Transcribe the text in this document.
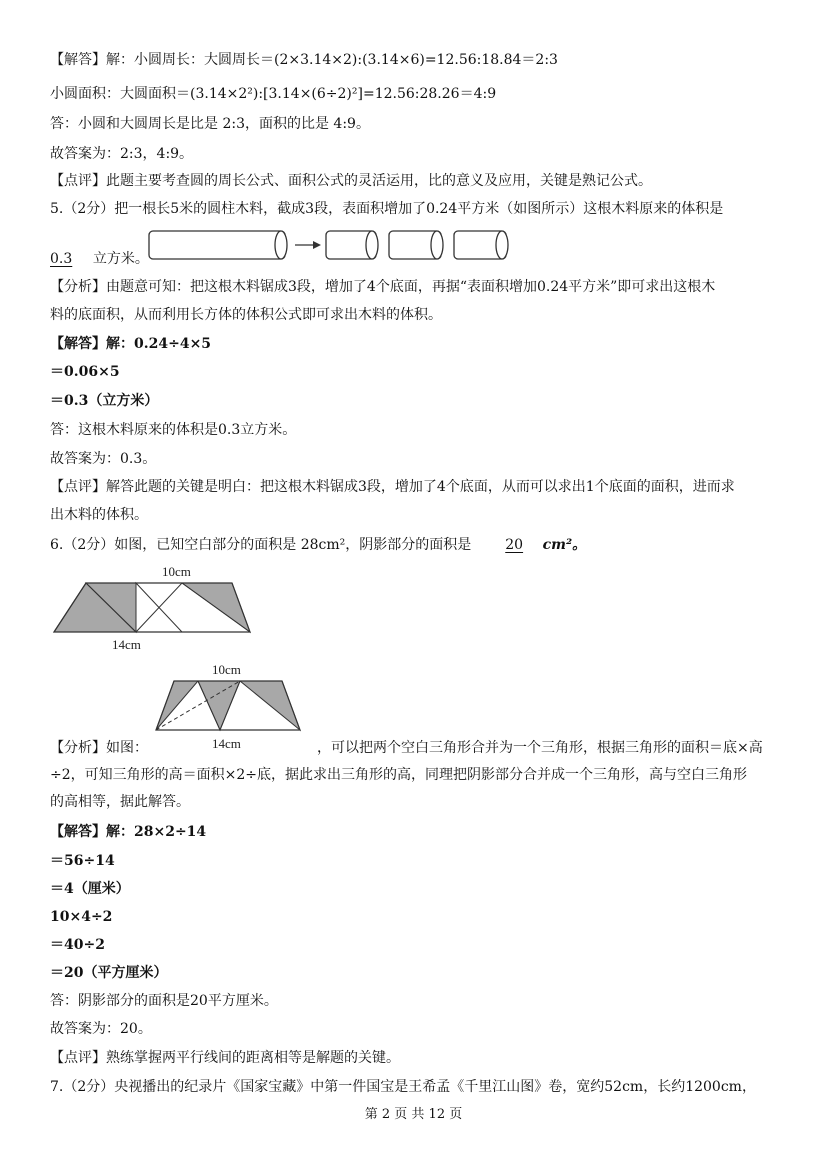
【解答】解：小圆周长：大圆周长＝(2×3.14×2):(3.14×6)=12.56:18.84＝2:3
小圆面积：大圆面积＝(3.14×2²):[3.14×(6÷2)²]=12.56:28.26＝4:9
答：小圆和大圆周长是比是 2:3，面积的比是 4:9。
故答案为：2:3，4:9。
【点评】此题主要考查圆的周长公式、面积公式的灵活运用，比的意义及应用，关键是熟记公式。
5.（2分）把一根长5米的圆柱木料，截成3段，表面积增加了0.24平方米（如图所示）这根木料原来的体积是
0.3 立方米。
【分析】由题意可知：把这根木料锯成3段，增加了4个底面，再据“表面积增加0.24平方米”即可求出这根木
料的底面积，从而利用长方体的体积公式即可求出木料的体积。
【解答】解：0.24÷4×5
＝0.06×5
＝0.3（立方米）
答：这根木料原来的体积是0.3立方米。
故答案为：0.3。
【点评】解答此题的关键是明白：把这根木料锯成3段，增加了4个底面，从而可以求出1个底面的面积，进而求
出木料的体积。
6.（2分）如图，已知空白部分的面积是 28cm²，阴影部分的面积是 20 cm²。
10cm
14cm
10cm
14cm
【分析】如图：	，可以把两个空白三角形合并为一个三角形，根据三角形的面积＝底×高
÷2，可知三角形的高＝面积×2÷底，据此求出三角形的高，同理把阴影部分合并成一个三角形，高与空白三角形
的高相等，据此解答。
【解答】解：28×2÷14
＝56÷14
＝4（厘米）
10×4÷2
＝40÷2
＝20（平方厘米）
答：阴影部分的面积是20平方厘米。
故答案为：20。
【点评】熟练掌握两平行线间的距离相等是解题的关键。
7.（2分）央视播出的纪录片《国家宝藏》中第一件国宝是王希孟《千里江山图》卷，宽约52cm，长约1200cm，
第 2 页 共 12 页
